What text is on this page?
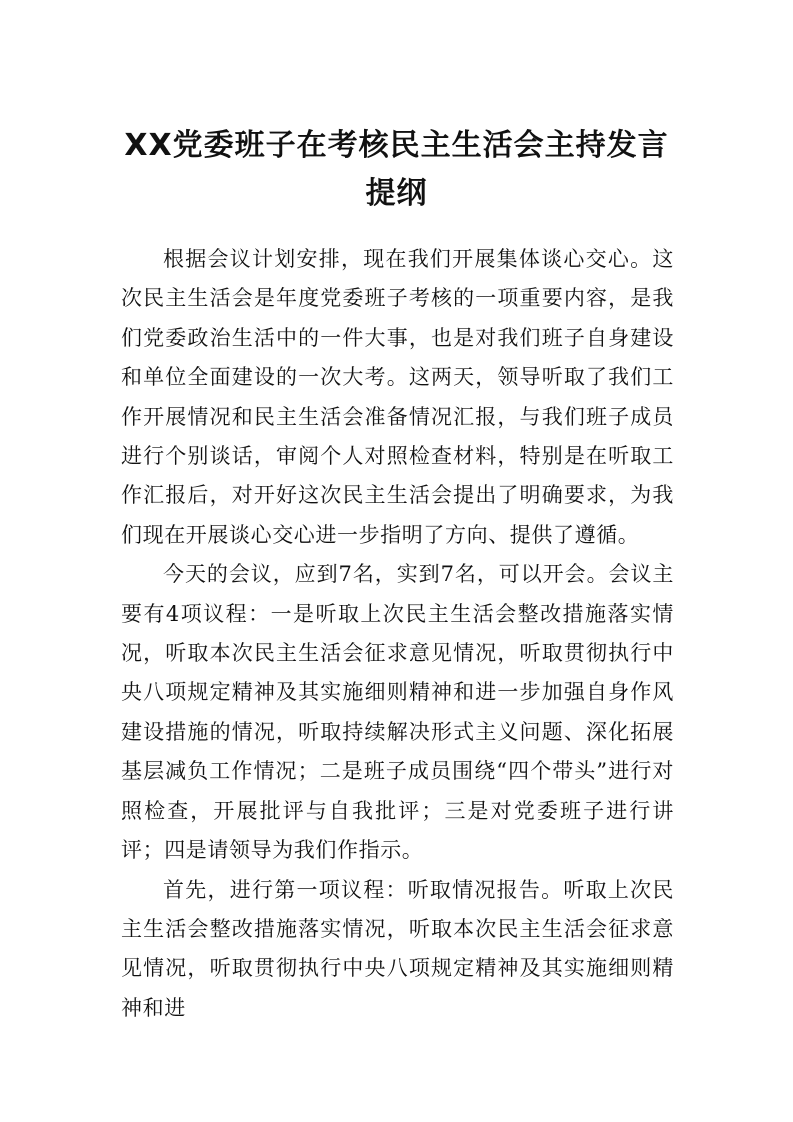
XX党委班子在考核民主生活会主持发言提纲

根据会议计划安排，现在我们开展集体谈心交心。这次民主生活会是年度党委班子考核的一项重要内容，是我们党委政治生活中的一件大事，也是对我们班子自身建设和单位全面建设的一次大考。这两天，领导听取了我们工作开展情况和民主生活会准备情况汇报，与我们班子成员进行个别谈话，审阅个人对照检查材料，特别是在听取工作汇报后，对开好这次民主生活会提出了明确要求，为我们现在开展谈心交心进一步指明了方向、提供了遵循。

今天的会议，应到7名，实到7名，可以开会。会议主要有4项议程：一是听取上次民主生活会整改措施落实情况，听取本次民主生活会征求意见情况，听取贯彻执行中央八项规定精神及其实施细则精神和进一步加强自身作风建设措施的情况，听取持续解决形式主义问题、深化拓展基层减负工作情况；二是班子成员围绕“四个带头”进行对照检查，开展批评与自我批评；三是对党委班子进行讲评；四是请领导为我们作指示。

首先，进行第一项议程：听取情况报告。听取上次民主生活会整改措施落实情况，听取本次民主生活会征求意见情况，听取贯彻执行中央八项规定精神及其实施细则精神和进
